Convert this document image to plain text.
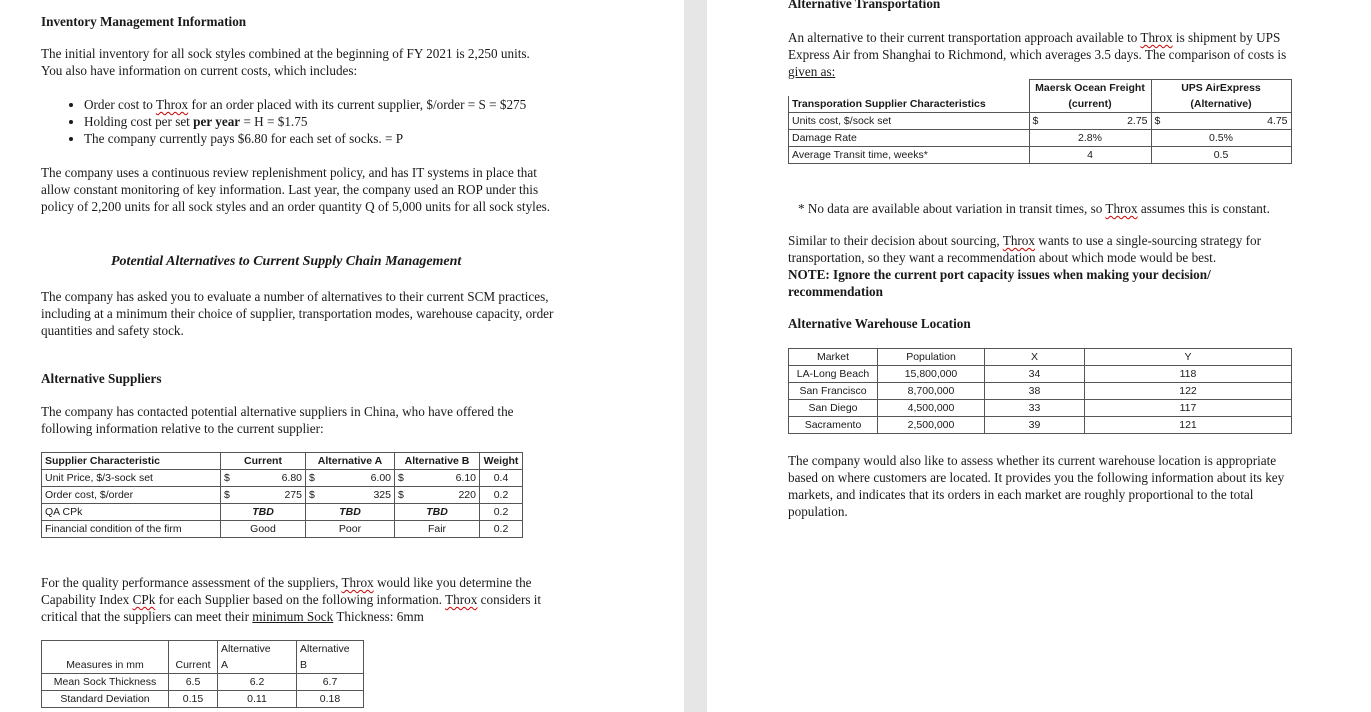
Inventory Management Information
The initial inventory for all sock styles combined at the beginning of FY 2021 is 2,250 units.
You also have information on current costs, which includes:
• Order cost to Throx for an order placed with its current supplier, $/order = S = $275
• Holding cost per set per year = H = $1.75
• The company currently pays $6.80 for each set of socks. = P
The company uses a continuous review replenishment policy, and has IT systems in place that
allow constant monitoring of key information. Last year, the company used an ROP under this
policy of 2,200 units for all sock styles and an order quantity Q of 5,000 units for all sock styles.
Potential Alternatives to Current Supply Chain Management
The company has asked you to evaluate a number of alternatives to their current SCM practices,
including at a minimum their choice of supplier, transportation modes, warehouse capacity, order
quantities and safety stock.
Alternative Suppliers
The company has contacted potential alternative suppliers in China, who have offered the
following information relative to the current supplier:
Supplier Characteristic	Current		Alternative A		Alternative B		Weight
Unit Price, $/3-sock set	$	6.80	$	6.00	$	6.10	0.4
Order cost, $/order	$	275	$	325	$	220	0.2
QA CPk	TBD		TBD		TBD		0.2
Financial condition of the firm	Good		Poor		Fair		0.2
For the quality performance assessment of the suppliers, Throx would like you determine the
Capability Index CPk for each Supplier based on the following information. Throx considers it
critical that the suppliers can meet their minimum Sock Thickness: 6mm
		Alternative	Alternative
Measures in mm	Current	A	B
Mean Sock Thickness	6.5	6.2	6.7
Standard Deviation	0.15	0.11	0.18
Alternative Transportation
An alternative to their current transportation approach available to Throx is shipment by UPS
Express Air from Shanghai to Richmond, which averages 3.5 days. The comparison of costs is
given as:
	Maersk Ocean Freight		UPS AirExpress	
Transporation Supplier Characteristics	(current)		(Alternative)	
Units cost, $/sock set	$	2.75	$	4.75
Damage Rate	2.8%		0.5%	
Average Transit time, weeks*	4		0.5	
* No data are available about variation in transit times, so Throx assumes this is constant.
Similar to their decision about sourcing, Throx wants to use a single-sourcing strategy for
transportation, so they want a recommendation about which mode would be best.
NOTE: Ignore the current port capacity issues when making your decision/
recommendation
Alternative Warehouse Location
Market	Population	X	Y
LA-Long Beach	15,800,000	34	118
San Francisco	8,700,000	38	122
San Diego	4,500,000	33	117
Sacramento	2,500,000	39	121
The company would also like to assess whether its current warehouse location is appropriate
based on where customers are located. It provides you the following information about its key
markets, and indicates that its orders in each market are roughly proportional to the total
population.
